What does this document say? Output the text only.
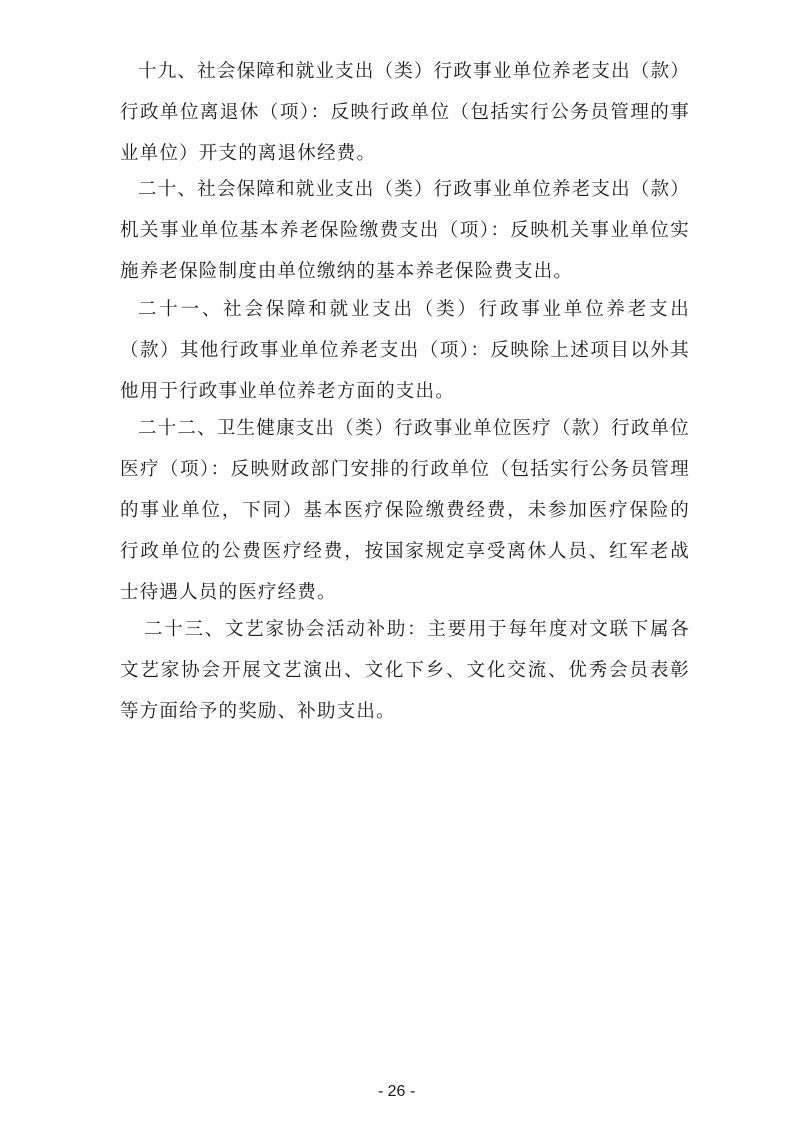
十九、社会保障和就业支出（类）行政事业单位养老支出（款）行政单位离退休（项）：反映行政单位（包括实行公务员管理的事业单位）开支的离退休经费。

二十、社会保障和就业支出（类）行政事业单位养老支出（款）机关事业单位基本养老保险缴费支出（项）：反映机关事业单位实施养老保险制度由单位缴纳的基本养老保险费支出。

二十一、社会保障和就业支出（类）行政事业单位养老支出（款）其他行政事业单位养老支出（项）：反映除上述项目以外其他用于行政事业单位养老方面的支出。

二十二、卫生健康支出（类）行政事业单位医疗（款）行政单位医疗（项）：反映财政部门安排的行政单位（包括实行公务员管理的事业单位，下同）基本医疗保险缴费经费，未参加医疗保险的行政单位的公费医疗经费，按国家规定享受离休人员、红军老战士待遇人员的医疗经费。

二十三、文艺家协会活动补助：主要用于每年度对文联下属各文艺家协会开展文艺演出、文化下乡、文化交流、优秀会员表彰等方面给予的奖励、补助支出。

- 26 -
